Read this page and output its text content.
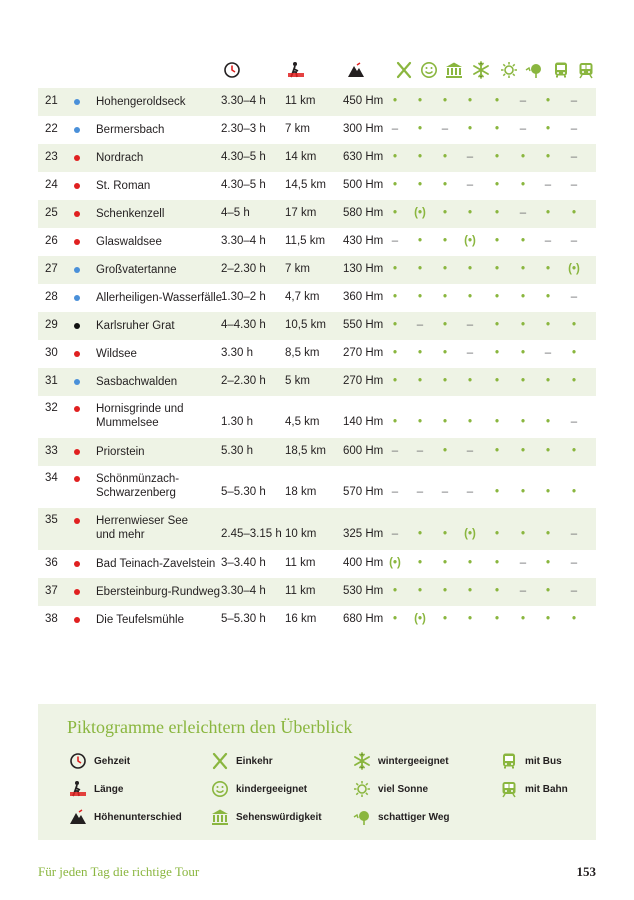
21	Hohengeroldseck	3.30–4 h 11 km 450 Hm •	•	•	•	•	–	•	–
22	Bermersbach	2.30–3 h 7 km	300 Hm –	•	–	•	•	–	•	–
23	Nordrach	4.30–5 h 14 km 630 Hm •	•	•	–	•	•	•	–
24	St. Roman	4.30–5 h 14,5 km 500 Hm •	•	•	–	•	•	–	–
25	Schenkenzell	4–5 h	17 km 580 Hm •	(•)	•	•	•	–	•	•
26	Glaswaldsee	3.30–4 h 11,5 km 430 Hm –	•	•	(•)	•	•	–	–
27	Großvatertanne	2–2.30 h 7 km	130 Hm •	•	•	•	•	•	•	(•)
28	Allerheiligen-Wasserfälle
1.30–2 h 4,7 km 360 Hm •	•	•	•	•	•	•	–
29	Karlsruher Grat	4–4.30 h 10,5 km 550 Hm •	–	•	–	•	•	•	•
30	Wildsee	3.30 h	8,5 km 270 Hm •	•	•	–	•	•	–	•
31	Sasbachwalden	2–2.30 h 5 km	270 Hm •	•	•	•	•	•	•	•
32	Hornisgrinde und
Mummelsee	1.30 h	4,5 km 140 Hm •	•	•	•	•	•	•	–
33	Priorstein	5.30 h	18,5 km 600 Hm –	–	•	–	•	•	•	•
34	Schönmünzach-
Schwarzenberg	5–5.30 h 18 km 570 Hm –	–	–	–	•	•	•	•
35	Herrenwieser See
und mehr	2.45–3.15 h 10 km 325 Hm –	•	•	(•)	•	•	•	–
36	Bad Teinach-Zavelstein 3–3.40 h 11 km 400 Hm (•)	•	•	•	•	–	•	–
37	Ebersteinburg-Rundweg 3.30–4 h 11 km 530 Hm •	•	•	•	•	–	•	–
38	Die Teufelsmühle	5–5.30 h 16 km 680 Hm •	(•)	•	•	•	•	•	•
Piktogramme erleichtern den Überblick
Gehzeit
Länge
Höhenunterschied
Einkehr
kindergeeignet
Sehenswürdigkeit
wintergeeignet
viel Sonne
schattiger Weg
mit Bus
mit Bahn
Für jeden Tag die richtige Tour	153
